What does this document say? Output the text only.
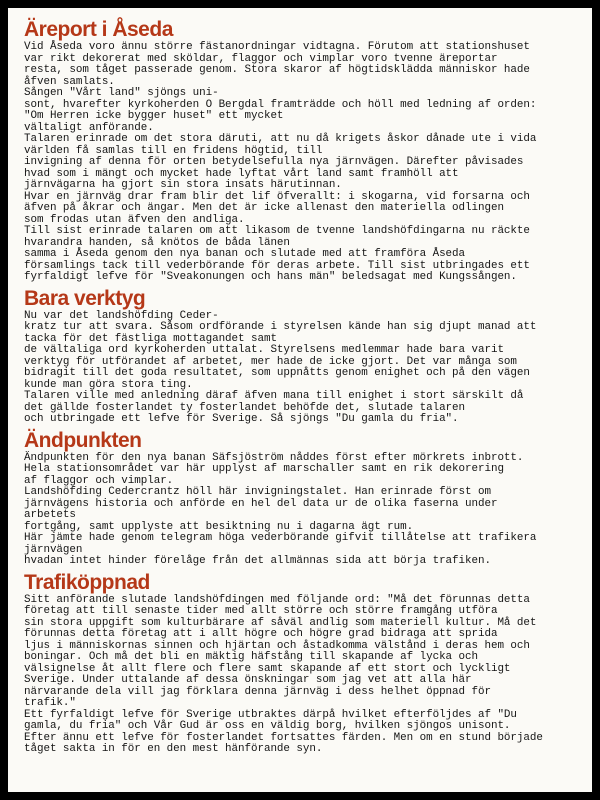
Äreport i Åseda
Vid Åseda voro ännu större fästanordningar vidtagna. Förutom att stationshuset
var rikt dekorerat med sköldar, flaggor och vimplar voro tvenne äreportar
resta, som tåget passerade genom. Stora skaror af högtidsklädda människor hade
åfven samlats.
Sången "Vårt land" sjöngs uni-
sont, hvarefter kyrkoherden O Bergdal framträdde och höll med ledning af orden:
"Om Herren icke bygger huset" ett mycket
vältaligt anförande.
Talaren erinrade om det stora däruti, att nu då krigets åskor dånade ute i vida
världen få samlas till en fridens högtid, till
invigning af denna för orten betydelsefulla nya järnvägen. Därefter påvisades
hvad som i mängt och mycket hade lyftat vårt land samt framhöll att
järnvägarna ha gjort sin stora insats härutinnan.
Hvar en järnväg drar fram blir det lif öfverallt: i skogarna, vid forsarna och
äfven på åkrar och ängar. Men det är icke allenast den materiella odlingen
som frodas utan äfven den andliga.
Till sist erinrade talaren om att likasom de tvenne landshöfdingarna nu räckte
hvarandra handen, så knötos de båda länen
samma i Åseda genom den nya banan och slutade med att framföra Åseda
församlings tack till vederbörande för deras arbete. Till sist utbringades ett
fyrfaldigt lefve för "Sveakonungen och hans män" beledsagat med Kungssången.
Bara verktyg
Nu var det landshöfding Ceder-
kratz tur att svara. Såsom ordförande i styrelsen kände han sig djupt manad att
tacka för det fästliga mottagandet samt
de vältaliga ord kyrkoherden uttalat. Styrelsens medlemmar hade bara varit
verktyg för utförandet af arbetet, mer hade de icke gjort. Det var många som
bidragit till det goda resultatet, som uppnåtts genom enighet och på den vägen
kunde man göra stora ting.
Talaren ville med anledning däraf äfven mana till enighet i stort särskilt då
det gällde fosterlandet ty fosterlandet behöfde det, slutade talaren
och utbringade ett lefve för Sverige. Så sjöngs "Du gamla du fria".
Ändpunkten
Ändpunkten för den nya banan Säfsjöström nåddes först efter mörkrets inbrott.
Hela stationsområdet var här upplyst af marschaller samt en rik dekorering
af flaggor och vimplar.
Landshöfding Cedercrantz höll här invigningstalet. Han erinrade först om
järnvägens historia och anförde en hel del data ur de olika faserna under
arbetets
fortgång, samt upplyste att besiktning nu i dagarna ägt rum.
Här jämte hade genom telegram höga vederbörande gifvit tillåtelse att trafikera
järnvägen
hvadan intet hinder förelåge från det allmännas sida att börja trafiken.
Trafiköppnad
Sitt anförande slutade landshöfdingen med följande ord: "Må det förunnas detta
företag att till senaste tider med allt större och större framgång utföra
sin stora uppgift som kulturbärare af såväl andlig som materiell kultur. Må det
förunnas detta företag att i allt högre och högre grad bidraga att sprida
ljus i människornas sinnen och hjärtan och åstadkomma välstånd i deras hem och
boningar. Och må det bli en mäktig häfstång till skapande af lycka och
välsignelse åt allt flere och flere samt skapande af ett stort och lyckligt
Sverige. Under uttalande af dessa önskningar som jag vet att alla här
närvarande dela vill jag förklara denna järnväg i dess helhet öppnad för
trafik."
Ett fyrfaldigt lefve för Sverige utbraktes därpå hvilket efterföljdes af "Du
gamla, du fria" och Vår Gud är oss en väldig borg, hvilken sjöngos unisont.
Efter ännu ett lefve för fosterlandet fortsattes färden. Men om en stund började
tåget sakta in för en den mest hänförande syn.
